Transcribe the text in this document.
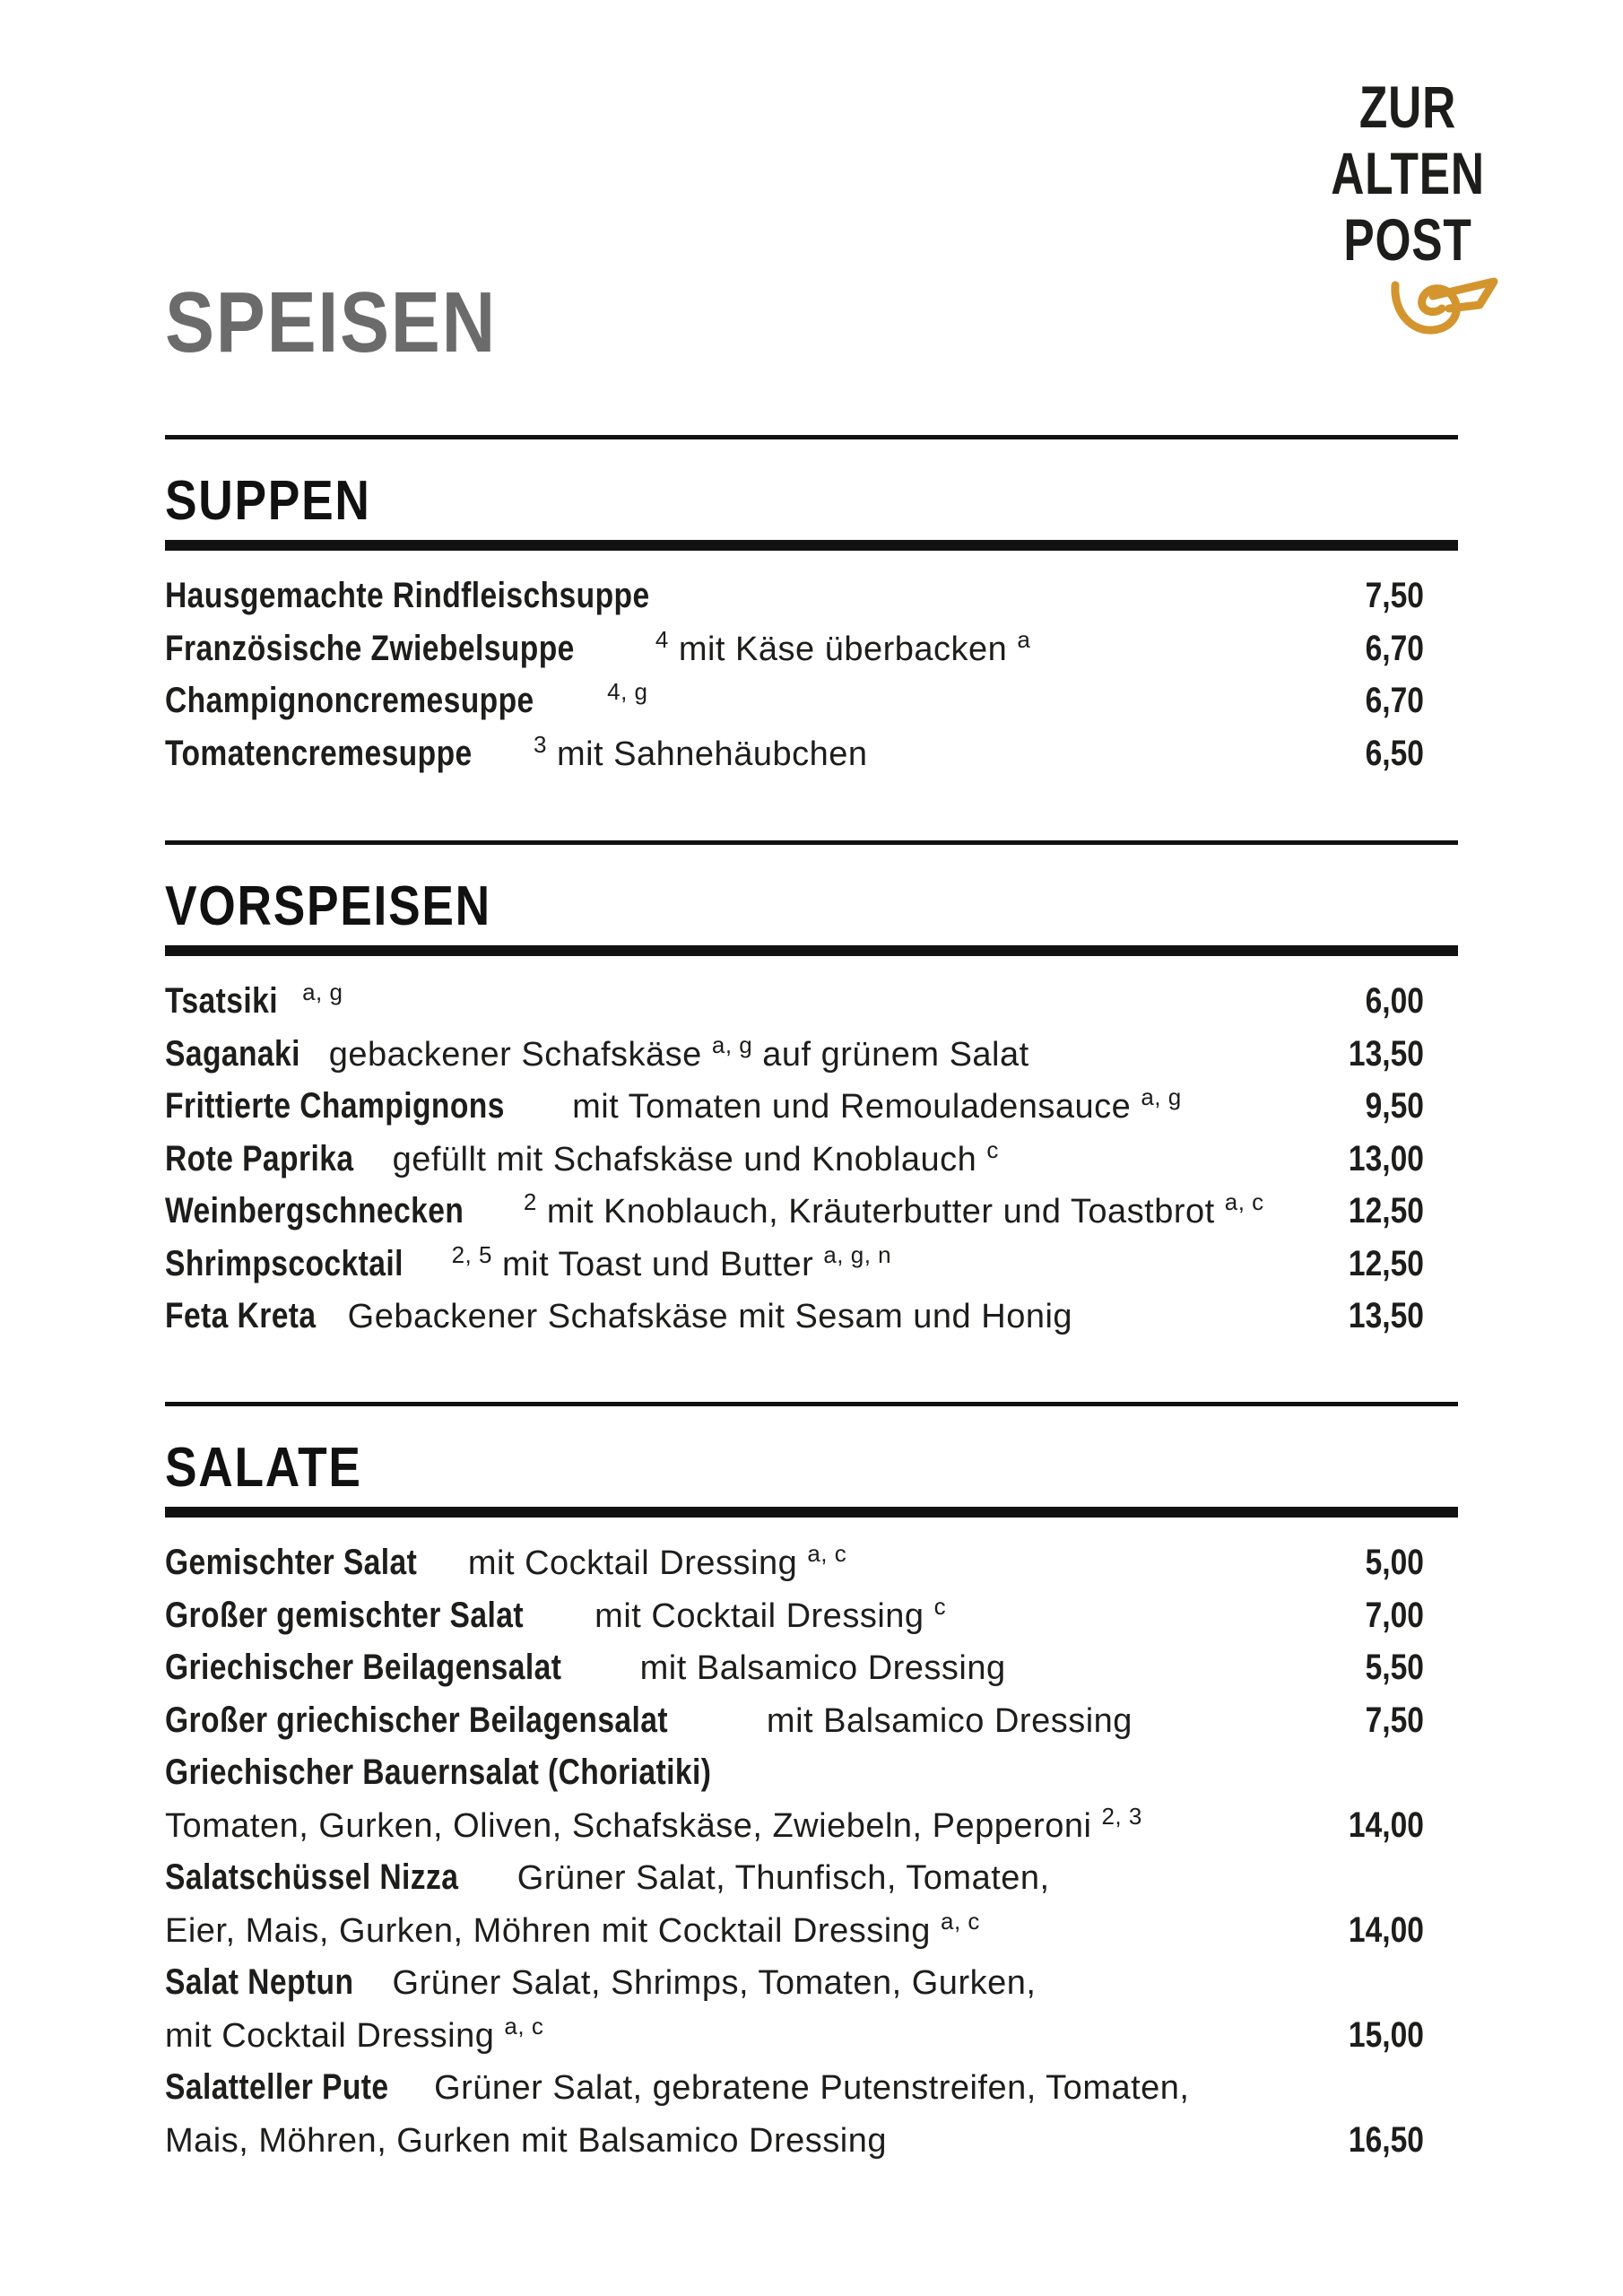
SPEISEN
ZUR
ALTEN
POST
SUPPEN
Hausgemachte Rindfleischsuppe	7,50
Französische Zwiebelsuppe	$^4$ mit Käse überbacken $^a$	6,70
Champignoncremesuppe	$^{4, g}$	6,70
Tomatencremesuppe	$^3$ mit Sahnehäubchen	6,50
VORSPEISEN
Tsatsiki $^{a, g}$	6,00
Saganaki gebackener Schafskäse $^{a, g}$ auf grünem Salat	13,50
Frittierte Champignons mit Tomaten und Remouladensauce $^{a, g}$	9,50
Rote Paprika gefüllt mit Schafskäse und Knoblauch $^c$	13,00
Weinbergschnecken	$^2$ mit Knoblauch, Kräuterbutter und Toastbrot $^{a, c}$ 12,50
Shrimpscocktail $^{2, 5}$ mit Toast und Butter $^{a, g, n}$	12,50
Feta Kreta Gebackener Schafskäse mit Sesam und Honig	13,50
SALATE
Gemischter Salat mit Cocktail Dressing $^{a, c}$	5,00
Großer gemischter Salat mit Cocktail Dressing $^c$	7,00
Griechischer Beilagensalat mit Balsamico Dressing	5,50
Großer griechischer Beilagensalat	mit Balsamico Dressing	7,50
Griechischer Bauernsalat (Choriatiki)
Tomaten, Gurken, Oliven, Schafskäse, Zwiebeln, Pepperoni $^{2, 3}$	14,00
Salatschüssel Nizza Grüner Salat, Thunfisch, Tomaten,
Eier, Mais, Gurken, Möhren mit Cocktail Dressing $^{a, c}$	14,00
Salat Neptun Grüner Salat, Shrimps, Tomaten, Gurken,
mit Cocktail Dressing $^{a, c}$	15,00
Salatteller Pute Grüner Salat, gebratene Putenstreifen, Tomaten,
Mais, Möhren, Gurken mit Balsamico Dressing	16,50
